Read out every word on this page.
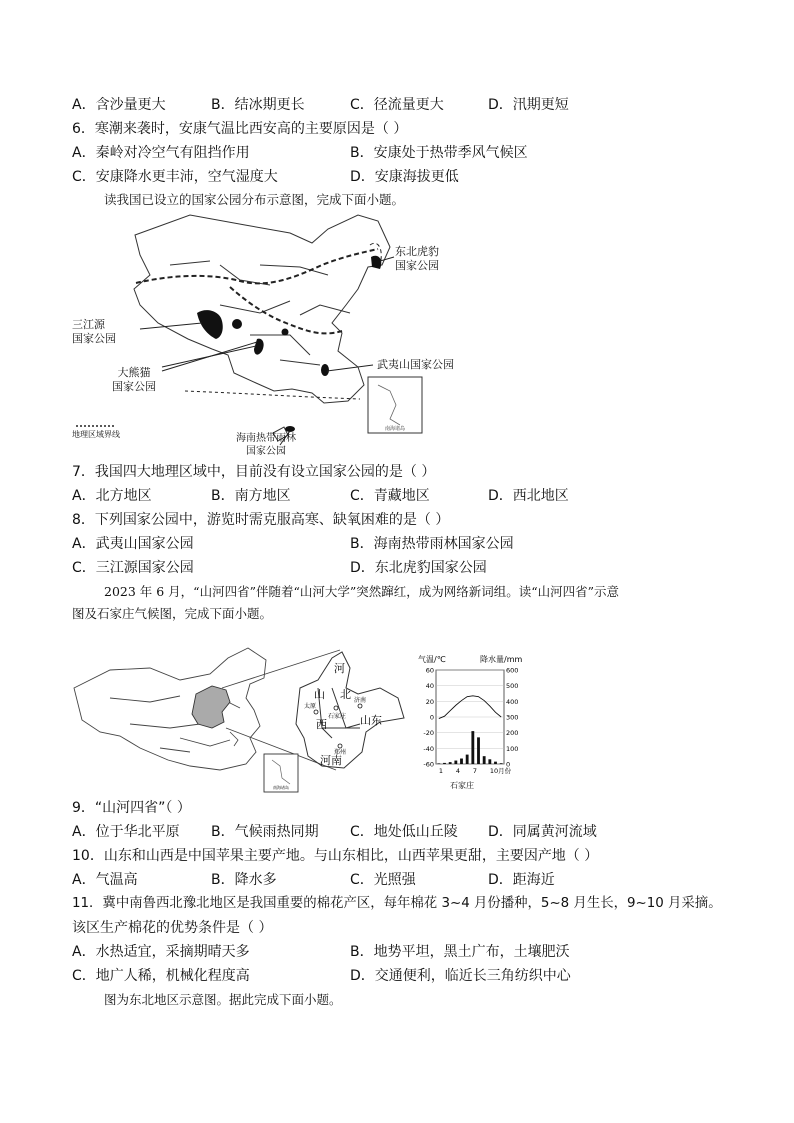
A．含沙量更大	B．结冰期更长	C．径流量更大	D．汛期更短
6．寒潮来袭时，安康气温比西安高的主要原因是（ ）
A．秦岭对冷空气有阻挡作用	B．安康处于热带季风气候区
C．安康降水更丰沛，空气湿度大	D．安康海拔更低
读我国已设立的国家公园分布示意图，完成下面小题。
南海诸岛
东北虎豹
国家公园
三江源
国家公园
大熊猫
国家公园
武夷山国家公园
海南热带雨林
国家公园
地理区域界线
7．我国四大地理区域中，目前没有设立国家公园的是（ ）
A．北方地区	B．南方地区	C．青藏地区	D．西北地区
8．下列国家公园中，游览时需克服高寒、缺氧困难的是（ ）
A．武夷山国家公园	B．海南热带雨林国家公园
C．三江源国家公园	D．东北虎豹国家公园
2023 年 6 月，“山河四省”伴随着“山河大学”突然蹿红，成为网络新词组。读“山河四省”示意
图及石家庄气候图，完成下面小题。
河
北
山
西	山东
河南
太原
石家庄
济南
郑州
南海诸岛
气温/℃	降水量/mm
60
40
20
0
-20
-40
-60
600
500
400
300
200
100
0
1 4 7 10月份
石家庄
9．“山河四省”（ ）
A．位于华北平原 B．气候雨热同期 C．地处低山丘陵 D．同属黄河流域
10．山东和山西是中国苹果主要产地。与山东相比，山西苹果更甜，主要因产地（ ）
A．气温高	B．降水多	C．光照强	D．距海近
11．冀中南鲁西北豫北地区是我国重要的棉花产区，每年棉花 3~4 月份播种，5~8 月生长，9~10 月采摘。
该区生产棉花的优势条件是（ ）
A．水热适宜，采摘期晴天多	B．地势平坦，黑土广布，土壤肥沃
C．地广人稀，机械化程度高	D．交通便利，临近长三角纺织中心
图为东北地区示意图。据此完成下面小题。
